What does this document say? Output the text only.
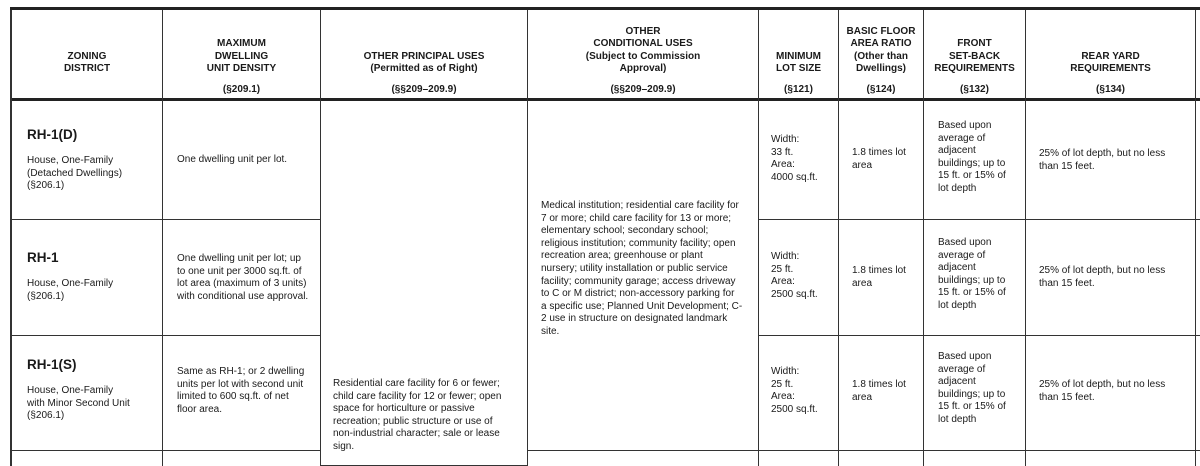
ZONING
DISTRICT
MAXIMUM
DWELLING
UNIT DENSITY
(§209.1)
OTHER PRINCIPAL USES
(Permitted as of Right)
(§§209–209.9)
OTHER
CONDITIONAL USES
(Subject to Commission
Approval)
(§§209–209.9)
MINIMUM
LOT SIZE
(§121)
BASIC FLOOR
AREA RATIO
(Other than
Dwellings)
(§124)
FRONT
SET-BACK
REQUIREMENTS
(§132)
REAR YARD
REQUIREMENTS
(§134)
RH-1(D)
House, One-Family
(Detached Dwellings)
(§206.1)
One dwelling unit per lot.
Width:
33 ft.
Area:
4000 sq.ft.
1.8 times lot
area
Based upon
average of
adjacent
buildings; up to
15 ft. or 15% of
lot depth
25% of lot depth, but no less
than 15 feet.
RH-1
House, One-Family
(§206.1)
One dwelling unit per lot; up
to one unit per 3000 sq.ft. of
lot area (maximum of 3 units)
with conditional use approval.
Width:
25 ft.
Area:
2500 sq.ft.
1.8 times lot
area
Based upon
average of
adjacent
buildings; up to
15 ft. or 15% of
lot depth
25% of lot depth, but no less
than 15 feet.
RH-1(S)
House, One-Family
with Minor Second Unit
(§206.1)
Same as RH-1; or 2 dwelling
units per lot with second unit
limited to 600 sq.ft. of net
floor area.
Width:
25 ft.
Area:
2500 sq.ft.
1.8 times lot
area
Based upon
average of
adjacent
buildings; up to
15 ft. or 15% of
lot depth
25% of lot depth, but no less
than 15 feet.
Residential care facility for 6 or fewer;
child care facility for 12 or fewer; open
space for horticulture or passive
recreation; public structure or use of
non-industrial character; sale or lease
sign.
Medical institution; residential care facility for
7 or more; child care facility for 13 or more;
elementary school; secondary school;
religious institution; community facility; open
recreation area; greenhouse or plant
nursery; utility installation or public service
facility; community garage; access driveway
to C or M district; non-accessory parking for
a specific use; Planned Unit Development; C-
2 use in structure on designated landmark
site.
